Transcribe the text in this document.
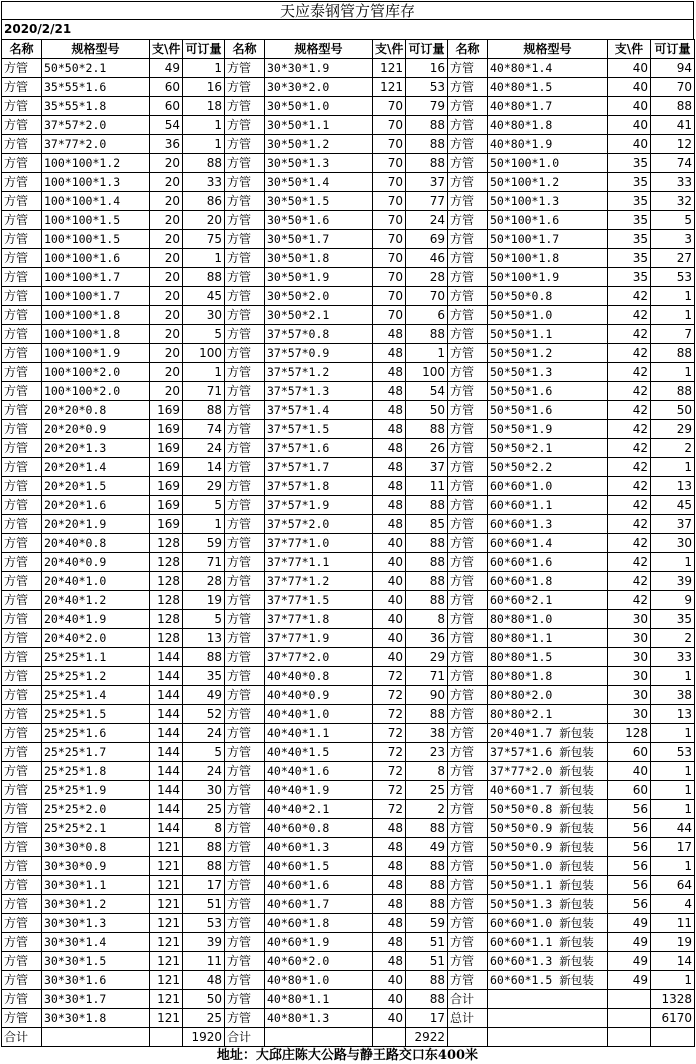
天应泰钢管方管库存
2020/2/21
名称	规格型号	支\件	可订量	名称	规格型号	支\件	可订量	名称	规格型号	支\件	可订量
方管	50*50*2.1	49	1	方管	30*30*1.9	121	16	方管	40*80*1.4	40	94
方管	35*55*1.6	60	16	方管	30*30*2.0	121	53	方管	40*80*1.5	40	70
方管	35*55*1.8	60	18	方管	30*50*1.0	70	79	方管	40*80*1.7	40	88
方管	37*57*2.0	54	1	方管	30*50*1.1	70	88	方管	40*80*1.8	40	41
方管	37*77*2.0	36	1	方管	30*50*1.2	70	88	方管	40*80*1.9	40	12
方管	100*100*1.2	20	88	方管	30*50*1.3	70	88	方管	50*100*1.0	35	74
方管	100*100*1.3	20	33	方管	30*50*1.4	70	37	方管	50*100*1.2	35	33
方管	100*100*1.4	20	86	方管	30*50*1.5	70	77	方管	50*100*1.3	35	32
方管	100*100*1.5	20	20	方管	30*50*1.6	70	24	方管	50*100*1.6	35	5
方管	100*100*1.5	20	75	方管	30*50*1.7	70	69	方管	50*100*1.7	35	3
方管	100*100*1.6	20	1	方管	30*50*1.8	70	46	方管	50*100*1.8	35	27
方管	100*100*1.7	20	88	方管	30*50*1.9	70	28	方管	50*100*1.9	35	53
方管	100*100*1.7	20	45	方管	30*50*2.0	70	70	方管	50*50*0.8	42	1
方管	100*100*1.8	20	30	方管	30*50*2.1	70	6	方管	50*50*1.0	42	1
方管	100*100*1.8	20	5	方管	37*57*0.8	48	88	方管	50*50*1.1	42	7
方管	100*100*1.9	20	100	方管	37*57*0.9	48	1	方管	50*50*1.2	42	88
方管	100*100*2.0	20	1	方管	37*57*1.2	48	100	方管	50*50*1.3	42	1
方管	100*100*2.0	20	71	方管	37*57*1.3	48	54	方管	50*50*1.6	42	88
方管	20*20*0.8	169	88	方管	37*57*1.4	48	50	方管	50*50*1.6	42	50
方管	20*20*0.9	169	74	方管	37*57*1.5	48	88	方管	50*50*1.9	42	29
方管	20*20*1.3	169	24	方管	37*57*1.6	48	26	方管	50*50*2.1	42	2
方管	20*20*1.4	169	14	方管	37*57*1.7	48	37	方管	50*50*2.2	42	1
方管	20*20*1.5	169	29	方管	37*57*1.8	48	11	方管	60*60*1.0	42	13
方管	20*20*1.6	169	5	方管	37*57*1.9	48	88	方管	60*60*1.1	42	45
方管	20*20*1.9	169	1	方管	37*57*2.0	48	85	方管	60*60*1.3	42	37
方管	20*40*0.8	128	59	方管	37*77*1.0	40	88	方管	60*60*1.4	42	30
方管	20*40*0.9	128	71	方管	37*77*1.1	40	88	方管	60*60*1.6	42	1
方管	20*40*1.0	128	28	方管	37*77*1.2	40	88	方管	60*60*1.8	42	39
方管	20*40*1.2	128	19	方管	37*77*1.5	40	88	方管	60*60*2.1	42	9
方管	20*40*1.9	128	5	方管	37*77*1.8	40	8	方管	80*80*1.0	30	35
方管	20*40*2.0	128	13	方管	37*77*1.9	40	36	方管	80*80*1.1	30	2
方管	25*25*1.1	144	88	方管	37*77*2.0	40	29	方管	80*80*1.5	30	33
方管	25*25*1.2	144	35	方管	40*40*0.8	72	71	方管	80*80*1.8	30	1
方管	25*25*1.4	144	49	方管	40*40*0.9	72	90	方管	80*80*2.0	30	38
方管	25*25*1.5	144	52	方管	40*40*1.0	72	88	方管	80*80*2.1	30	13
方管	25*25*1.6	144	24	方管	40*40*1.1	72	38	方管	20*40*1.7 新包装	128	1
方管	25*25*1.7	144	5	方管	40*40*1.5	72	23	方管	37*57*1.6 新包装	60	53
方管	25*25*1.8	144	24	方管	40*40*1.6	72	8	方管	37*77*2.0 新包装	40	1
方管	25*25*1.9	144	30	方管	40*40*1.9	72	25	方管	40*60*1.7 新包装	60	1
方管	25*25*2.0	144	25	方管	40*40*2.1	72	2	方管	50*50*0.8 新包装	56	1
方管	25*25*2.1	144	8	方管	40*60*0.8	48	88	方管	50*50*0.9 新包装	56	44
方管	30*30*0.8	121	88	方管	40*60*1.3	48	49	方管	50*50*0.9 新包装	56	17
方管	30*30*0.9	121	88	方管	40*60*1.5	48	88	方管	50*50*1.0 新包装	56	1
方管	30*30*1.1	121	17	方管	40*60*1.6	48	88	方管	50*50*1.1 新包装	56	64
方管	30*30*1.2	121	51	方管	40*60*1.7	48	88	方管	50*50*1.3 新包装	56	4
方管	30*30*1.3	121	53	方管	40*60*1.8	48	59	方管	60*60*1.0 新包装	49	11
方管	30*30*1.4	121	39	方管	40*60*1.9	48	51	方管	60*60*1.1 新包装	49	19
方管	30*30*1.5	121	11	方管	40*60*2.0	48	51	方管	60*60*1.3 新包装	49	14
方管	30*30*1.6	121	48	方管	40*80*1.0	40	88	方管	60*60*1.5 新包装	49	1
方管	30*30*1.7	121	50	方管	40*80*1.1	40	88	合计			1328
方管	30*30*1.8	121	25	方管	40*80*1.3	40	17	总计			6170
合计			1920	合计			2922				
地址：大邱庄陈大公路与静王路交口东400米
